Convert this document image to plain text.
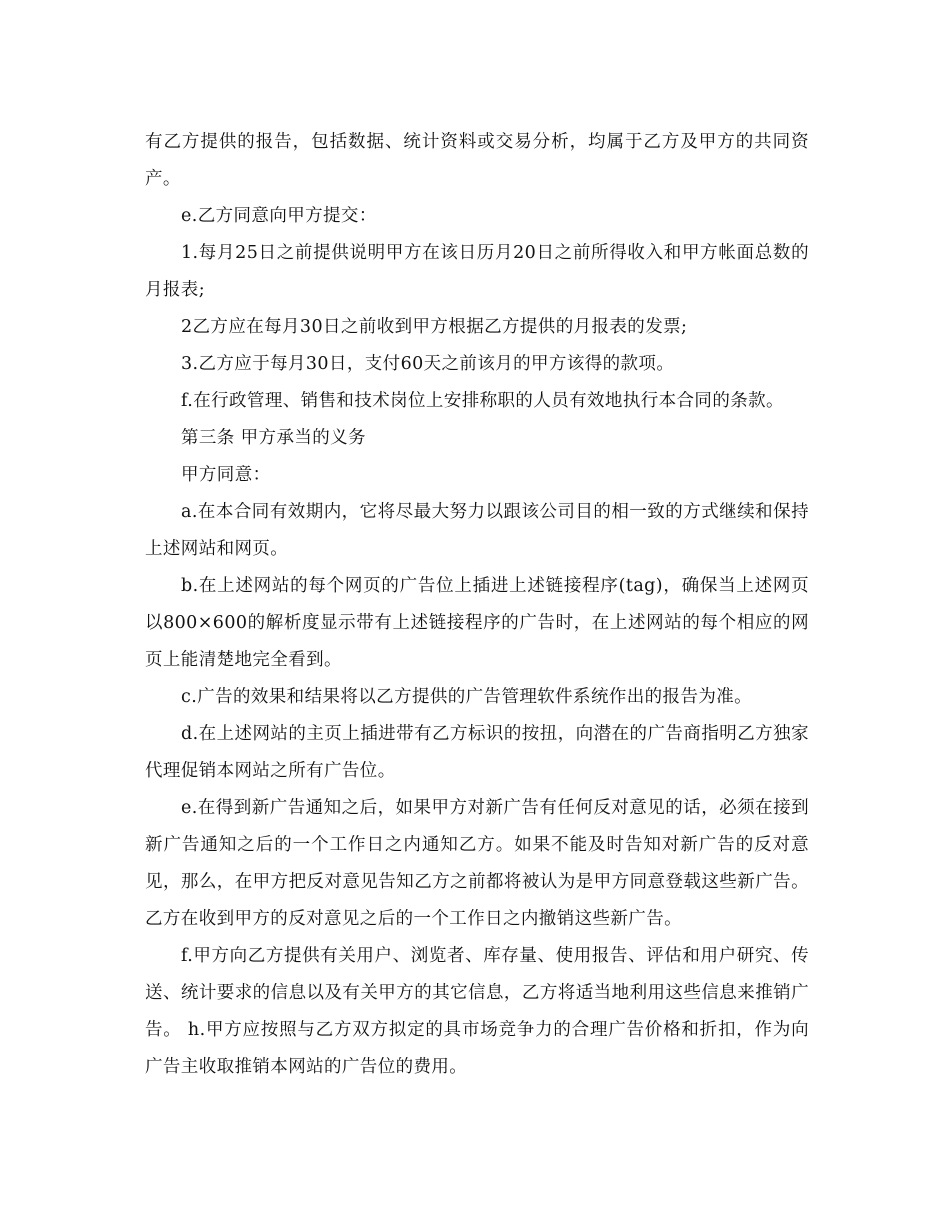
有乙方提供的报告，包括数据、统计资料或交易分析，均属于乙方及甲方的共同资产。

e.乙方同意向甲方提交：

1.每月25日之前提供说明甲方在该日历月20日之前所得收入和甲方帐面总数的月报表;

2乙方应在每月30日之前收到甲方根据乙方提供的月报表的发票;

3.乙方应于每月30日，支付60天之前该月的甲方该得的款项。

f.在行政管理、销售和技术岗位上安排称职的人员有效地执行本合同的条款。

第三条 甲方承当的义务

甲方同意：

a.在本合同有效期内，它将尽最大努力以跟该公司目的相一致的方式继续和保持上述网站和网页。

b.在上述网站的每个网页的广告位上插进上述链接程序(tag)，确保当上述网页以800×600的解析度显示带有上述链接程序的广告时，在上述网站的每个相应的网页上能清楚地完全看到。

c.广告的效果和结果将以乙方提供的广告管理软件系统作出的报告为准。

d.在上述网站的主页上插进带有乙方标识的按扭，向潜在的广告商指明乙方独家代理促销本网站之所有广告位。

e.在得到新广告通知之后，如果甲方对新广告有任何反对意见的话，必须在接到新广告通知之后的一个工作日之内通知乙方。如果不能及时告知对新广告的反对意见，那么，在甲方把反对意见告知乙方之前都将被认为是甲方同意登载这些新广告。乙方在收到甲方的反对意见之后的一个工作日之内撤销这些新广告。

f.甲方向乙方提供有关用户、浏览者、库存量、使用报告、评估和用户研究、传送、统计要求的信息以及有关甲方的其它信息，乙方将适当地利用这些信息来推销广告。 h.甲方应按照与乙方双方拟定的具市场竞争力的合理广告价格和折扣，作为向广告主收取推销本网站的广告位的费用。
